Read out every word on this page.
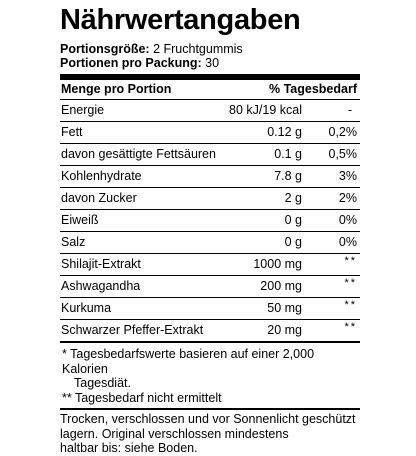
Nährwertangaben
Portionsgröße: 2 Fruchtgummis
Portionen pro Packung: 30
Menge pro Portion	% Tagesbedarf
Energie	80 kJ/19 kcal	-
Fett	0.12 g 0,2%
davon gesättigte Fettsäuren	0.1 g 0,5%
Kohlenhydrate	7.8 g	3%
davon Zucker	2 g	2%
Eiweiß	0 g	0%
Salz	0 g	0%
Shilajit-Extrakt	1000 mg	**
Ashwagandha	200 mg	**
Kurkuma	50 mg	**
Schwarzer Pfeffer-Extrakt	20 mg	**
* Tagesbedarfswerte basieren auf einer 2,000 Kalorien
Tagesdiät.
** Tagesbedarf nicht ermittelt
Trocken, verschlossen und vor Sonnenlicht geschützt
lagern. Original verschlossen mindestens
haltbar bis: siehe Boden.
